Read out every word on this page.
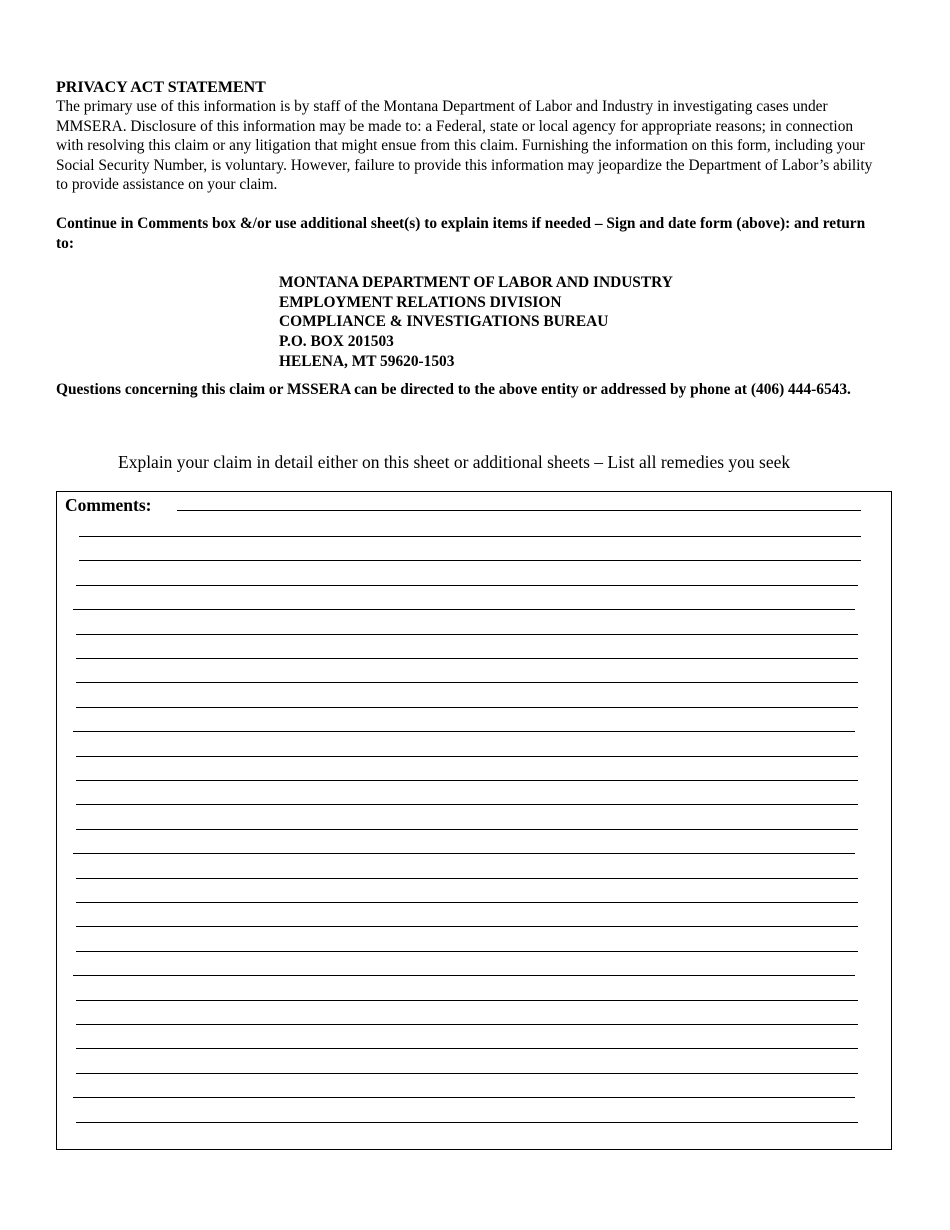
PRIVACY ACT STATEMENT

The primary use of this information is by staff of the Montana Department of Labor and Industry in investigating cases under MMSERA. Disclosure of this information may be made to: a Federal, state or local agency for appropriate reasons; in connection with resolving this claim or any litigation that might ensue from this claim. Furnishing the information on this form, including your Social Security Number, is voluntary. However, failure to provide this information may jeopardize the Department of Labor’s ability to provide assistance on your claim.

Continue in Comments box &/or use additional sheet(s) to explain items if needed – Sign and date form (above): and return to:

MONTANA DEPARTMENT OF LABOR AND INDUSTRY
EMPLOYMENT RELATIONS DIVISION
COMPLIANCE & INVESTIGATIONS BUREAU
P.O. BOX 201503
HELENA, MT 59620-1503

Questions concerning this claim or MSSERA can be directed to the above entity or addressed by phone at (406) 444-6543.

Explain your claim in detail either on this sheet or additional sheets – List all remedies you seek
Comments:
